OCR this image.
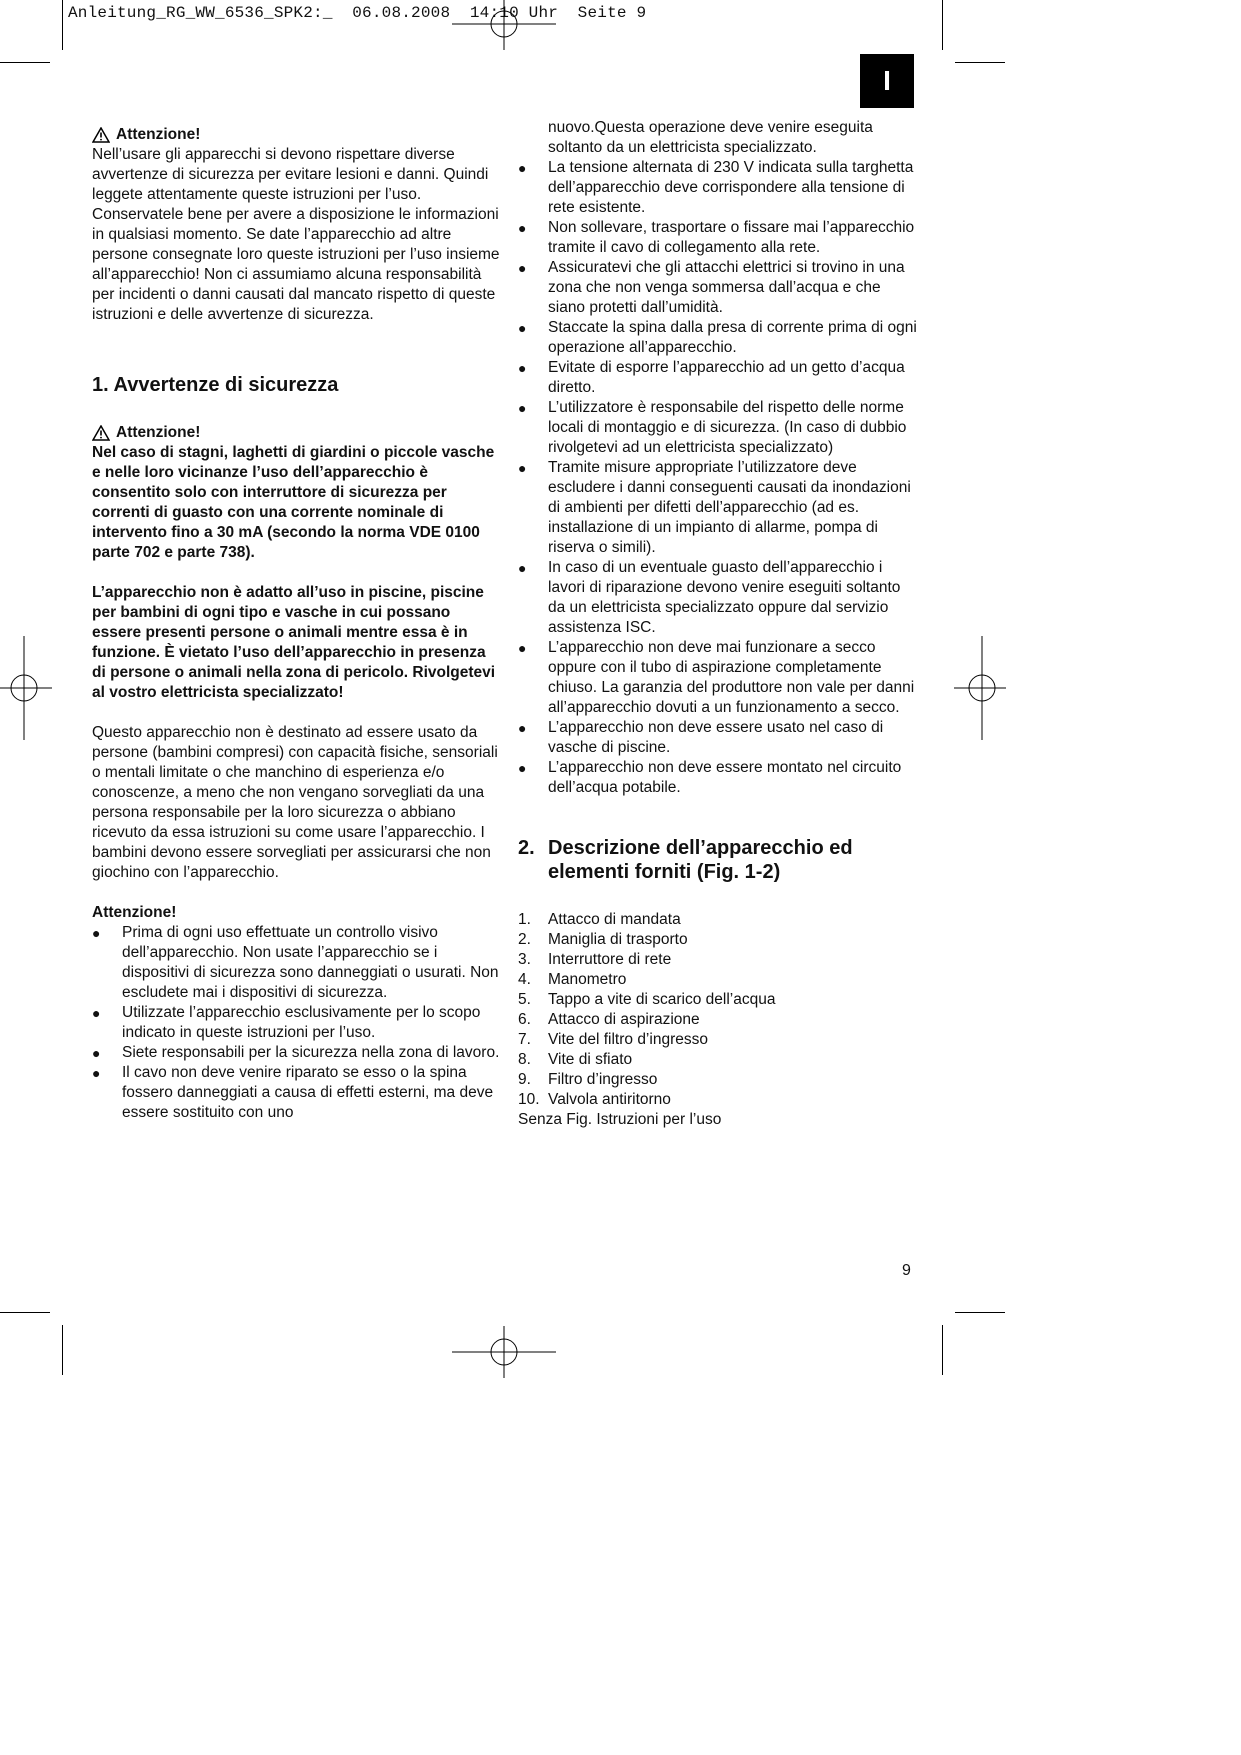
Anleitung_RG_WW_6536_SPK2:_  06.08.2008  14:10 Uhr  Seite 9
I

Attenzione!

Nell’usare gli apparecchi si devono rispettare diverse avvertenze di sicurezza per evitare lesioni e danni. Quindi leggete attentamente queste istruzioni per l’uso. Conservatele bene per avere a disposizione le informazioni in qualsiasi momento. Se date l’apparecchio ad altre persone consegnate loro queste istruzioni per l’uso insieme all’apparecchio! Non ci assumiamo alcuna responsabilità per incidenti o danni causati dal mancato rispetto di queste istruzioni e delle avvertenze di sicurezza.

1. Avvertenze di sicurezza

Attenzione!

Nel caso di stagni, laghetti di giardini o piccole vasche e nelle loro vicinanze l’uso dell’apparecchio è consentito solo con interruttore di sicurezza per correnti di guasto con una corrente nominale di intervento fino a 30 mA (secondo la norma VDE 0100 parte 702 e parte 738).

L’apparecchio non è adatto all’uso in piscine, piscine per bambini di ogni tipo e vasche in cui possano essere presenti persone o animali mentre essa è in funzione. È vietato l’uso dell’apparecchio in presenza di persone o animali nella zona di pericolo. Rivolgetevi al vostro elettricista specializzato!

Questo apparecchio non è destinato ad essere usato da persone (bambini compresi) con capacità fisiche, sensoriali o mentali limitate o che manchino di esperienza e/o conoscenze, a meno che non vengano sorvegliati da una persona responsabile per la loro sicurezza o abbiano ricevuto da essa istruzioni su come usare l’apparecchio. I bambini devono essere sorvegliati per assicurarsi che non giochino con l’apparecchio.

Attenzione!

● Prima di ogni uso effettuate un controllo visivo dell’apparecchio. Non usate l’apparecchio se i dispositivi di sicurezza sono danneggiati o usurati. Non escludete mai i dispositivi di sicurezza.
● Utilizzate l’apparecchio esclusivamente per lo scopo indicato in queste istruzioni per l’uso.
● Siete responsabili per la sicurezza nella zona di lavoro.
● Il cavo non deve venire riparato se esso o la spina fossero danneggiati a causa di effetti esterni, ma deve essere sostituito con uno

nuovo.Questa operazione deve venire eseguita soltanto da un elettricista specializzato.

● La tensione alternata di 230 V indicata sulla targhetta dell’apparecchio deve corrispondere alla tensione di rete esistente.
● Non sollevare, trasportare o fissare mai l’apparecchio tramite il cavo di collegamento alla rete.
● Assicuratevi che gli attacchi elettrici si trovino in una zona che non venga sommersa dall’acqua e che siano protetti dall’umidità.
● Staccate la spina dalla presa di corrente prima di ogni operazione all’apparecchio.
● Evitate di esporre l’apparecchio ad un getto d’acqua diretto.
● L’utilizzatore è responsabile del rispetto delle norme locali di montaggio e di sicurezza. (In caso di dubbio rivolgetevi ad un elettricista specializzato)
● Tramite misure appropriate l’utilizzatore deve escludere i danni conseguenti causati da inondazioni di ambienti per difetti dell’apparecchio (ad es. installazione di un impianto di allarme, pompa di riserva o simili).
● In caso di un eventuale guasto dell’apparecchio i lavori di riparazione devono venire eseguiti soltanto da un elettricista specializzato oppure dal servizio assistenza ISC.
● L’apparecchio non deve mai funzionare a secco oppure con il tubo di aspirazione completamente chiuso. La garanzia del produttore non vale per danni all’apparecchio dovuti a un funzionamento a secco.
● L’apparecchio non deve essere usato nel caso di vasche di piscine.
● L’apparecchio non deve essere montato nel circuito dell’acqua potabile.
2. Descrizione dell’apparecchio ed elementi forniti (Fig. 1-2)
1. Attacco di mandata
2. Maniglia di trasporto
3. Interruttore di rete
4. Manometro
5. Tappo a vite di scarico dell’acqua
6. Attacco di aspirazione
7. Vite del filtro d’ingresso
8. Vite di sfiato
9. Filtro d’ingresso
10. Valvola antiritorno

Senza Fig. Istruzioni per l’uso

9
